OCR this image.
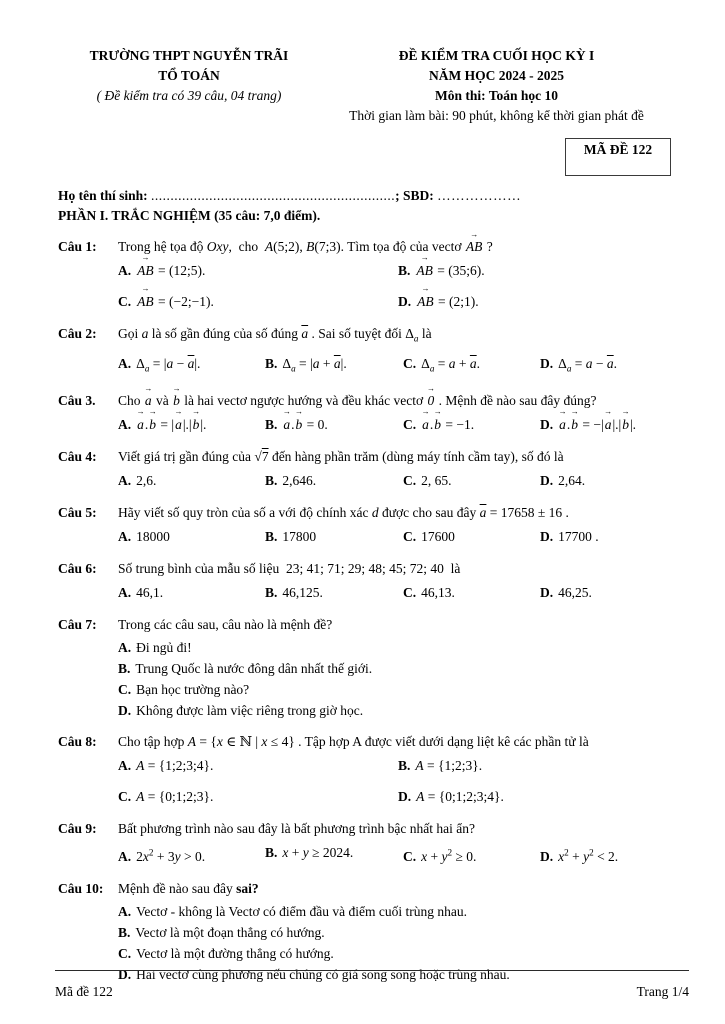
TRƯỜNG THPT NGUYỄN TRÃI
TỔ TOÁN
( Đề kiểm tra có 39 câu, 04 trang)
ĐỀ KIỂM TRA CUỐI HỌC KỲ I
NĂM HỌC 2024 - 2025
Môn thi: Toán học 10
Thời gian làm bài: 90 phút, không kể thời gian phát đề
MÃ ĐỀ 122
Họ tên thí sinh: ...............................................................; SBD: ………………
PHẦN I. TRẮC NGHIỆM (35 câu: 7,0 điểm).
Câu 1:	Trong hệ tọa độ Oxy,  cho  A(5;2), B(7;3). Tìm tọa độ của vectơ → AB ?
A. → AB = (12;5).	B. → AB = (35;6).
C. → AB = (−2;−1).	D. → AB = (2;1).
Câu 2:	Gọi a là số gần đúng của số đúng $\overline{a}$ . Sai số tuyệt đối $\Delta_a$ là
A. $\Delta_a = |a - \overline{a}|$.	B. $\Delta_a = |a + \overline{a}|$.	C. $\Delta_a = a + \overline{a}$.	D. $\Delta_a = a - \overline{a}$.
Câu 3.	Cho → a và → b là hai vectơ ngược hướng và đều khác vectơ → 0 . Mệnh đề nào sau đây đúng?
A. → a.→ b = |→ a|.|→ b|.	B. → a.→ b = 0.	C. → a.→ b = −1.	D. → a.→ b = −|→ a|.|→ b|.
Câu 4:	Viết giá trị gần đúng của √7 đến hàng phần trăm (dùng máy tính cầm tay), số đó là
A. 2,6.	B. 2,646.	C. 2, 65.	D. 2,64.
Câu 5:	Hãy viết số quy tròn của số a với độ chính xác d được cho sau đây $\overline{a} = 17658 \pm 16$ .
A. 18000	B. 17800	C. 17600	D. 17700 .
Câu 6:	Số trung bình của mẫu số liệu  23; 41; 71; 29; 48; 45; 72; 40  là
A. 46,1.	B. 46,125.	C. 46,13.	D. 46,25.
Câu 7:	Trong các câu sau, câu nào là mệnh đề?
A. Đi ngủ đi!
B. Trung Quốc là nước đông dân nhất thế giới.
C. Bạn học trường nào?
D. Không được làm việc riêng trong giờ học.
Câu 8:	Cho tập hợp A = {x ∈ ℕ | x ≤ 4} . Tập hợp A được viết dưới dạng liệt kê các phần tử là
A. A = {1;2;3;4}.	B. A = {1;2;3}.
C. A = {0;1;2;3}.	D. A = {0;1;2;3;4}.
Câu 9:	Bất phương trình nào sau đây là bất phương trình bậc nhất hai ẩn?
A. $2x^2 + 3y > 0$.	B. x + y ≥ 2024.	C. $x + y^2 \ge 0$.	D. $x^2 + y^2 < 2$.
Câu 10:	Mệnh đề nào sau đây sai?
A. Vectơ - không là Vectơ có điểm đầu và điểm cuối trùng nhau.
B. Vectơ là một đoạn thẳng có hướng.
C. Vectơ là một đường thẳng có hướng.
D. Hai vectơ cùng phương nếu chúng có giá song song hoặc trùng nhau.
Mã đề 122	Trang 1/4
